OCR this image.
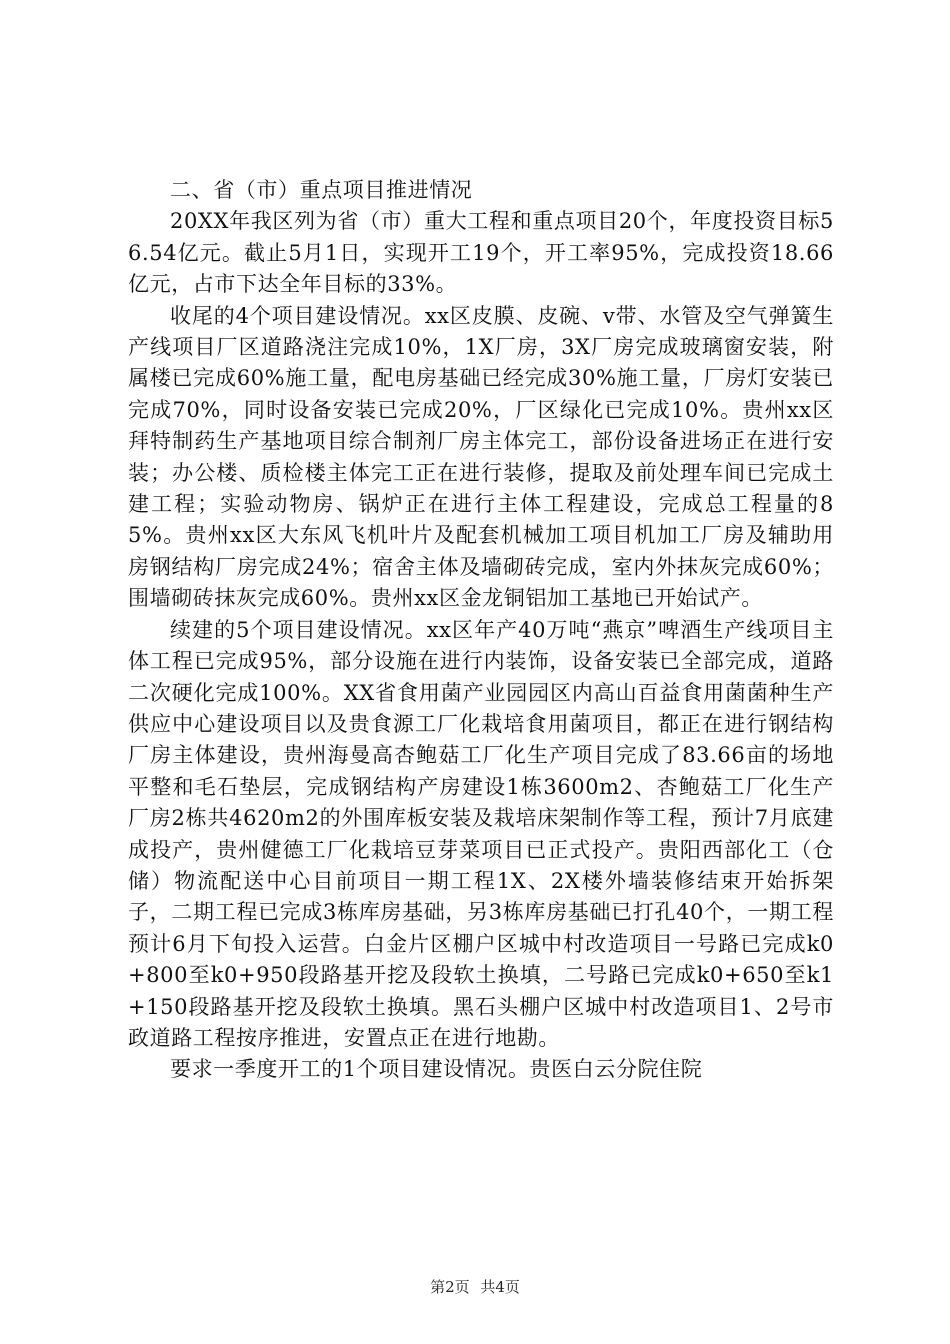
二、省（市）重点项目推进情况

20XX年我区列为省（市）重大工程和重点项目20个，年度投资目标56.54亿元。截止5月1日，实现开工19个，开工率95%，完成投资18.66亿元，占市下达全年目标的33%。

收尾的4个项目建设情况。xx区皮膜、皮碗、v带、水管及空气弹簧生产线项目厂区道路浇注完成10%，1X厂房，3X厂房完成玻璃窗安装，附属楼已完成60%施工量，配电房基础已经完成30%施工量，厂房灯安装已完成70%，同时设备安装已完成20%，厂区绿化已完成10%。贵州xx区拜特制药生产基地项目综合制剂厂房主体完工，部份设备进场正在进行安装；办公楼、质检楼主体完工正在进行装修，提取及前处理车间已完成土建工程；实验动物房、锅炉正在进行主体工程建设，完成总工程量的85%。贵州xx区大东风飞机叶片及配套机械加工项目机加工厂房及辅助用房钢结构厂房完成24%；宿舍主体及墙砌砖完成，室内外抹灰完成60%；围墙砌砖抹灰完成60%。贵州xx区金龙铜铝加工基地已开始试产。

续建的5个项目建设情况。xx区年产40万吨“燕京”啤酒生产线项目主体工程已完成95%，部分设施在进行内装饰，设备安装已全部完成，道路二次硬化完成100%。XX省食用菌产业园园区内高山百益食用菌菌种生产供应中心建设项目以及贵食源工厂化栽培食用菌项目，都正在进行钢结构厂房主体建设，贵州海曼高杏鲍菇工厂化生产项目完成了83.66亩的场地平整和毛石垫层，完成钢结构产房建设1栋3600m2、杏鲍菇工厂化生产厂房2栋共4620m2的外围库板安装及栽培床架制作等工程，预计7月底建成投产，贵州健德工厂化栽培豆芽菜项目已正式投产。贵阳西部化工（仓储）物流配送中心目前项目一期工程1X、2X楼外墙装修结束开始拆架子，二期工程已完成3栋库房基础，另3栋库房基础已打孔40个，一期工程预计6月下旬投入运营。白金片区棚户区城中村改造项目一号路已完成k0+800至k0+950段路基开挖及段软土换填，二号路已完成k0+650至k1+150段路基开挖及段软土换填。黑石头棚户区城中村改造项目1、2号市政道路工程按序推进，安置点正在进行地勘。

要求一季度开工的1个项目建设情况。贵医白云分院住院

第2页 共4页
